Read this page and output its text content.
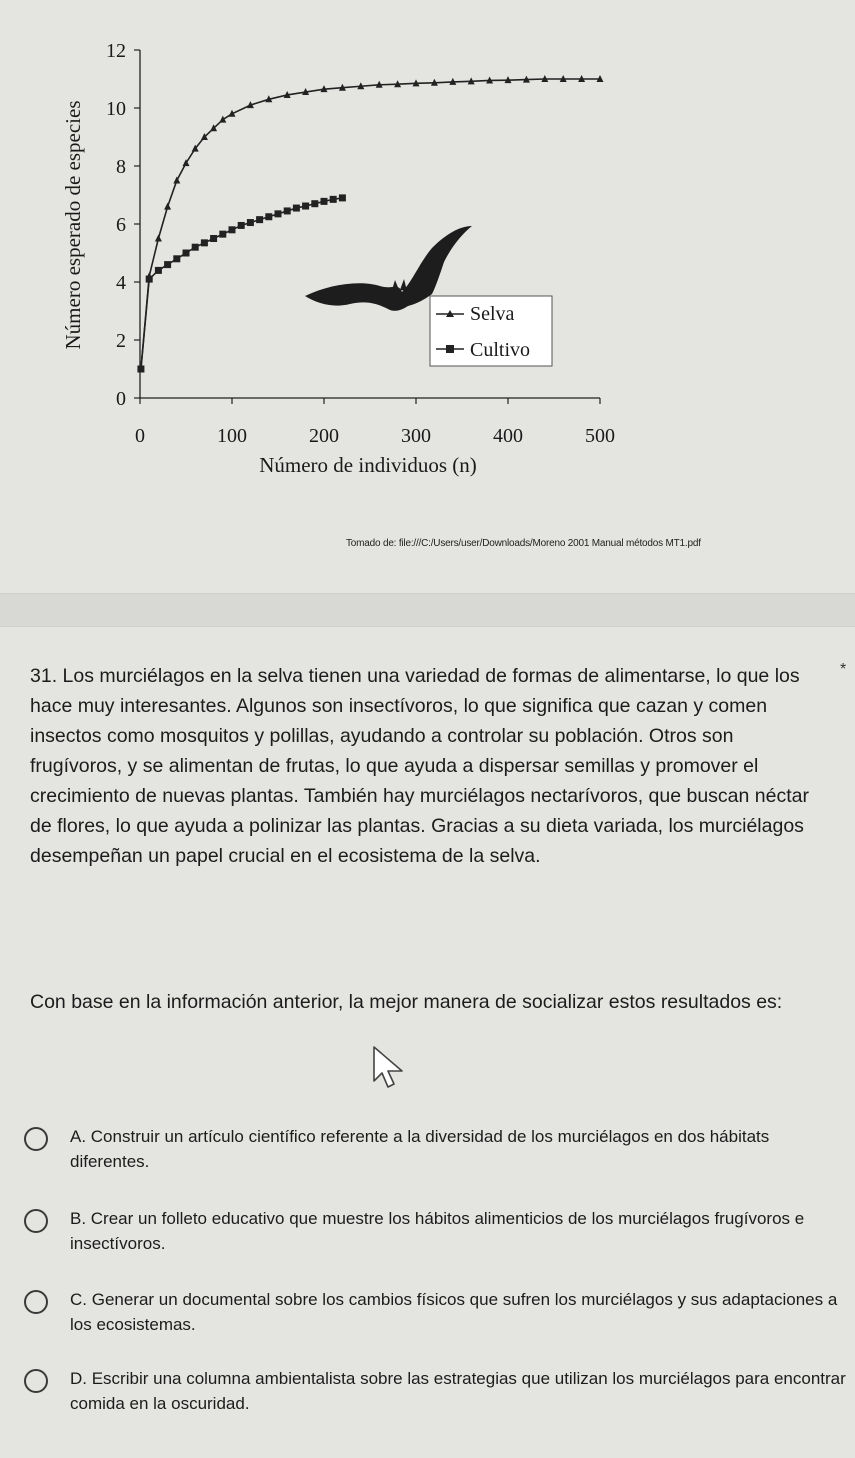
0
2
4
6
8
10
12
0	100	200	300	400	500
Selva
Cultivo
Número esperado de especies
Número de individuos (n)
Tomado de: file:///C:/Users/user/Downloads/Moreno 2001 Manual métodos MT1.pdf
31. Los murciélagos en la selva tienen una variedad de formas de alimentarse, lo que los hace muy interesantes. Algunos son insectívoros, lo que significa que cazan y comen insectos como mosquitos y polillas, ayudando a controlar su población. Otros son frugívoros, y se alimentan de frutas, lo que ayuda a dispersar semillas y promover el crecimiento de nuevas plantas. También hay murciélagos nectarívoros, que buscan néctar de flores, lo que ayuda a polinizar las plantas. Gracias a su dieta variada, los murciélagos desempeñan un papel crucial en el ecosistema de la selva.
*
Con base en la información anterior, la mejor manera de socializar estos resultados es:
A. Construir un artículo científico referente a la diversidad de los murciélagos en dos hábitats diferentes.
B. Crear un folleto educativo que muestre los hábitos alimenticios de los murciélagos frugívoros e insectívoros.
C. Generar un documental sobre los cambios físicos que sufren los murciélagos y sus adaptaciones a los ecosistemas.
D. Escribir una columna ambientalista sobre las estrategias que utilizan los murciélagos para encontrar comida en la oscuridad.
